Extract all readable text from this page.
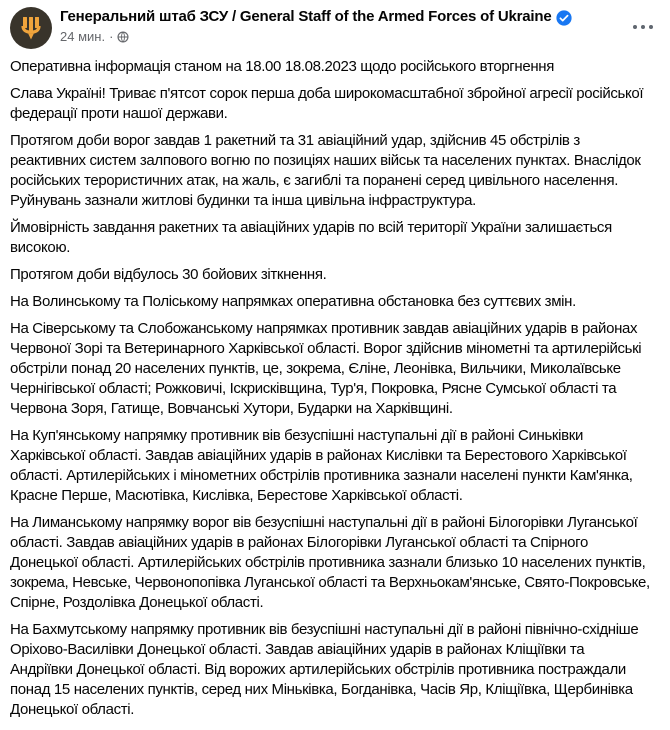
Генеральний штаб ЗСУ / General Staff of the Armed Forces of Ukraine
24 мин. ·

Оперативна інформація станом на 18.00 18.08.2023 щодо російського вторгнення

Слава Україні! Триває п'ятсот сорок перша доба широкомасштабної збройної агресії російської федерації проти нашої держави.

Протягом доби ворог завдав 1 ракетний та 31 авіаційний удар, здійснив 45 обстрілів з реактивних систем залпового вогню по позиціях наших військ та населених пунктах. Внаслідок російських терористичних атак, на жаль, є загиблі та поранені серед цивільного населення. Руйнувань зазнали житлові будинки та інша цивільна інфраструктура.

Ймовірність завдання ракетних та авіаційних ударів по всій території України залишається високою.

Протягом доби відбулось 30 бойових зіткнення.

На Волинському та Поліському напрямках оперативна обстановка без суттєвих змін.

На Сіверському та Слобожанському напрямках противник завдав авіаційних ударів в районах Червоної Зорі та Ветеринарного Харківської області. Ворог здійснив мінометні та артилерійські обстріли понад 20 населених пунктів, це, зокрема, Єліне, Леонівка, Вильчики, Миколаївське Чернігівської області; Рожковичі, Іскрисківщина, Тур'я, Покровка, Рясне Сумської області та Червона Зоря, Гатище, Вовчанські Хутори, Бударки на Харківщині.

На Куп'янському напрямку противник вів безуспішні наступальні дії в районі Синьківки Харківської області. Завдав авіаційних ударів в районах Кислівки та Берестового Харківської області. Артилерійських і мінометних обстрілів противника зазнали населені пункти Кам'янка, Красне Перше, Масютівка, Кислівка, Берестове Харківської області.

На Лиманському напрямку ворог вів безуспішні наступальні дії в районі Білогорівки Луганської області. Завдав авіаційних ударів в районах Білогорівки Луганської області та Спірного Донецької області. Артилерійських обстрілів противника зазнали близько 10 населених пунктів, зокрема, Невське, Червонопопівка Луганської області та Верхньокам'янське, Свято-Покровське, Спірне, Роздолівка Донецької області.

На Бахмутському напрямку противник вів безуспішні наступальні дії в районі північно-східніше Оріхово-Василівки Донецької області. Завдав авіаційних ударів в районах Кліщіївки та Андріївки Донецької області. Від ворожих артилерійських обстрілів противника постраждали понад 15 населених пунктів, серед них Міньківка, Богданівка, Часів Яр, Кліщіївка, Щербинівка Донецької області.
